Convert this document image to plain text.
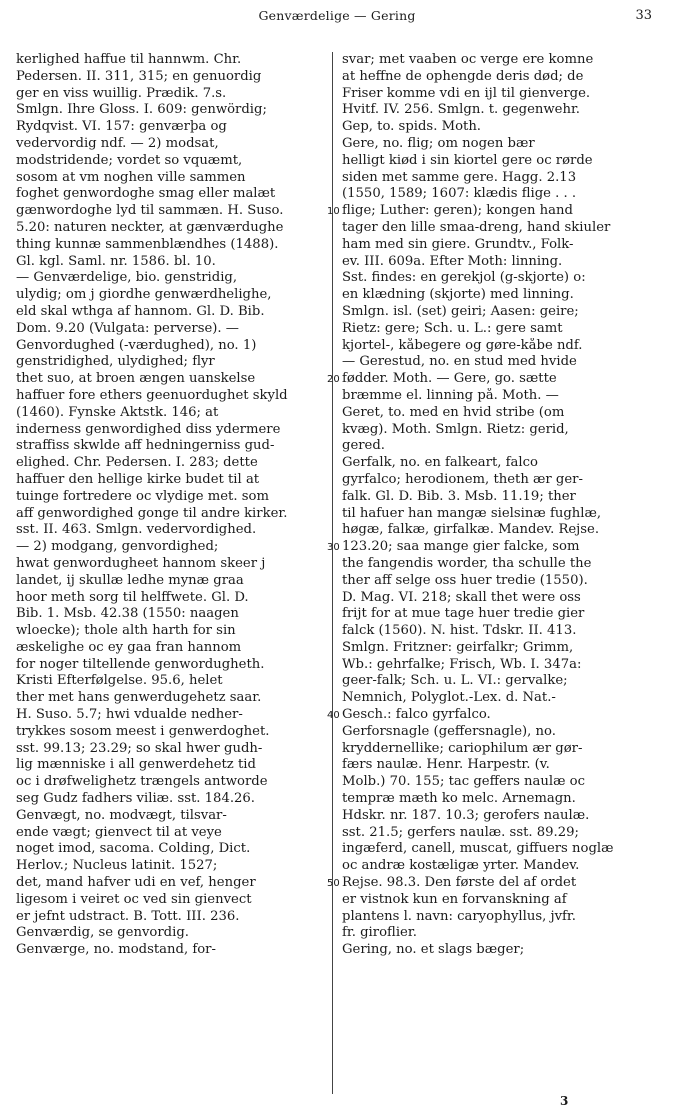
Genværdelige — Gering	33
kerlighed haffue til hannwm. Chr.
Pedersen. II. 311, 315; en genuordig
ger en viss wuillig. Prædik. 7.s.
Smlgn. Ihre Gloss. I. 609: genwördig;
Rydqvist. VI. 157: genværþa og
vedervordig ndf. — 2) modsat,
modstridende; vordet so vquæmt,
sosom at vm noghen ville sammen
foghet genwordoghe smag eller malæt
gænwordoghe lyd til sammæn. H. Suso.
5.20: naturen neckter, at gænværdughe
thing kunnæ sammenblændhes (1488).
Gl. kgl. Saml. nr. 1586. bl. 10.
— Genværdelige, bio. genstridig,
ulydig; om j giordhe genwærdhelighe,
eld skal wthga af hannom. Gl. D. Bib.
Dom. 9.20 (Vulgata: perverse). —
Genvordughed (-værdughed), no. 1)
genstridighed, ulydighed; flyr
thet suo, at broen ængen uanskelse
haffuer fore ethers geenuordughet skyld
(1460). Fynske Aktstk. 146; at
inderness genwordighed diss ydermere
straffiss skwlde aff hedningerniss gud-
elighed. Chr. Pedersen. I. 283; dette
haffuer den hellige kirke budet til at
tuinge fortredere oc vlydige met. som
aff genwordighed gonge til andre kirker.
sst. II. 463. Smlgn. vedervordighed.
— 2) modgang, genvordighed;
hwat genwordugheet hannom skeer j
landet, ij skullæ ledhe mynæ graa
hoor meth sorg til helffwete. Gl. D.
Bib. 1. Msb. 42.38 (1550: naagen
wloecke); thole alth harth for sin
æskelighe oc ey gaa fran hannom
for noger tiltellende genwordugheth.
Kristi Efterfølgelse. 95.6, helet
ther met hans genwerdugehetz saar.
H. Suso. 5.7; hwi vdualde nedher-
trykkes sosom meest i genwerdoghet.
sst. 99.13; 23.29; so skal hwer gudh-
lig mænniske i all genwerdehetz tid
oc i drøfwelighetz trængels antworde
seg Gudz fadhers viliæ. sst. 184.26.
Genvægt, no. modvægt, tilsvar-
ende vægt; gienvect til at veye
noget imod, sacoma. Colding, Dict.
Herlov.; Nucleus latinit. 1527;
det, mand hafver udi en vef, henger
ligesom i veiret oc ved sin gienvect
er jefnt udstract. B. Tott. III. 236.
Genværdig, se genvordig.
Genværge, no. modstand, for-
svar; met vaaben oc verge ere komne
at heffne de ophengde deris død; de
Friser komme vdi en ijl til gienverge.
Hvitf. IV. 256. Smlgn. t. gegenwehr.
Gep, to. spids. Moth.
Gere, no. flig; om nogen bær
helligt kiød i sin kiortel gere oc rørde
siden met samme gere. Hagg. 2.13
(1550, 1589; 1607: klædis flige . . .
flige; Luther: geren); kongen hand
tager den lille smaa-dreng, hand skiuler
ham med sin giere. Grundtv., Folk-
ev. III. 609a. Efter Moth: linning.
Sst. findes: en gerekjol (g-skjorte) o:
en klædning (skjorte) med linning.
Smlgn. isl. (set) geiri; Aasen: geire;
Rietz: gere; Sch. u. L.: gere samt
kjortel-, kåbegere og gøre-kåbe ndf.
— Gerestud, no. en stud med hvide
fødder. Moth. — Gere, go. sætte
bræmme el. linning på. Moth. —
Geret, to. med en hvid stribe (om
kvæg). Moth. Smlgn. Rietz: gerid,
gered.
Gerfalk, no. en falkeart, falco
gyrfalco; herodionem, theth ær ger-
falk. Gl. D. Bib. 3. Msb. 11.19; ther
til hafuer han mangæ sielsinæ fughlæ,
høgæ, falkæ, girfalkæ. Mandev. Rejse.
123.20; saa mange gier falcke, som
the fangendis worder, tha schulle the
ther aff selge oss huer tredie (1550).
D. Mag. VI. 218; skall thet were oss
frijt for at mue tage huer tredie gier
falck (1560). N. hist. Tdskr. II. 413.
Smlgn. Fritzner: geirfalkr; Grimm,
Wb.: gehrfalke; Frisch, Wb. I. 347a:
geer-falk; Sch. u. L. VI.: gervalke;
Nemnich, Polyglot.-Lex. d. Nat.-
Gesch.: falco gyrfalco.
Gerforsnagle (geffersnagle), no.
kryddernellike; cariophilum ær gør-
færs naulæ. Henr. Harpestr. (v.
Molb.) 70. 155; tac geffers naulæ oc
tempræ mæth ko melc. Arnemagn.
Hdskr. nr. 187. 10.3; gerofers naulæ.
sst. 21.5; gerfers naulæ. sst. 89.29;
ingæferd, canell, muscat, giffuers noglæ
oc andræ kostæligæ yrter. Mandev.
Rejse. 98.3. Den første del af ordet
er vistnok kun en forvanskning af
plantens l. navn: caryophyllus, jvfr.
fr. giroflier.
Gering, no. et slags bæger;
10
20
30
40
50
3
